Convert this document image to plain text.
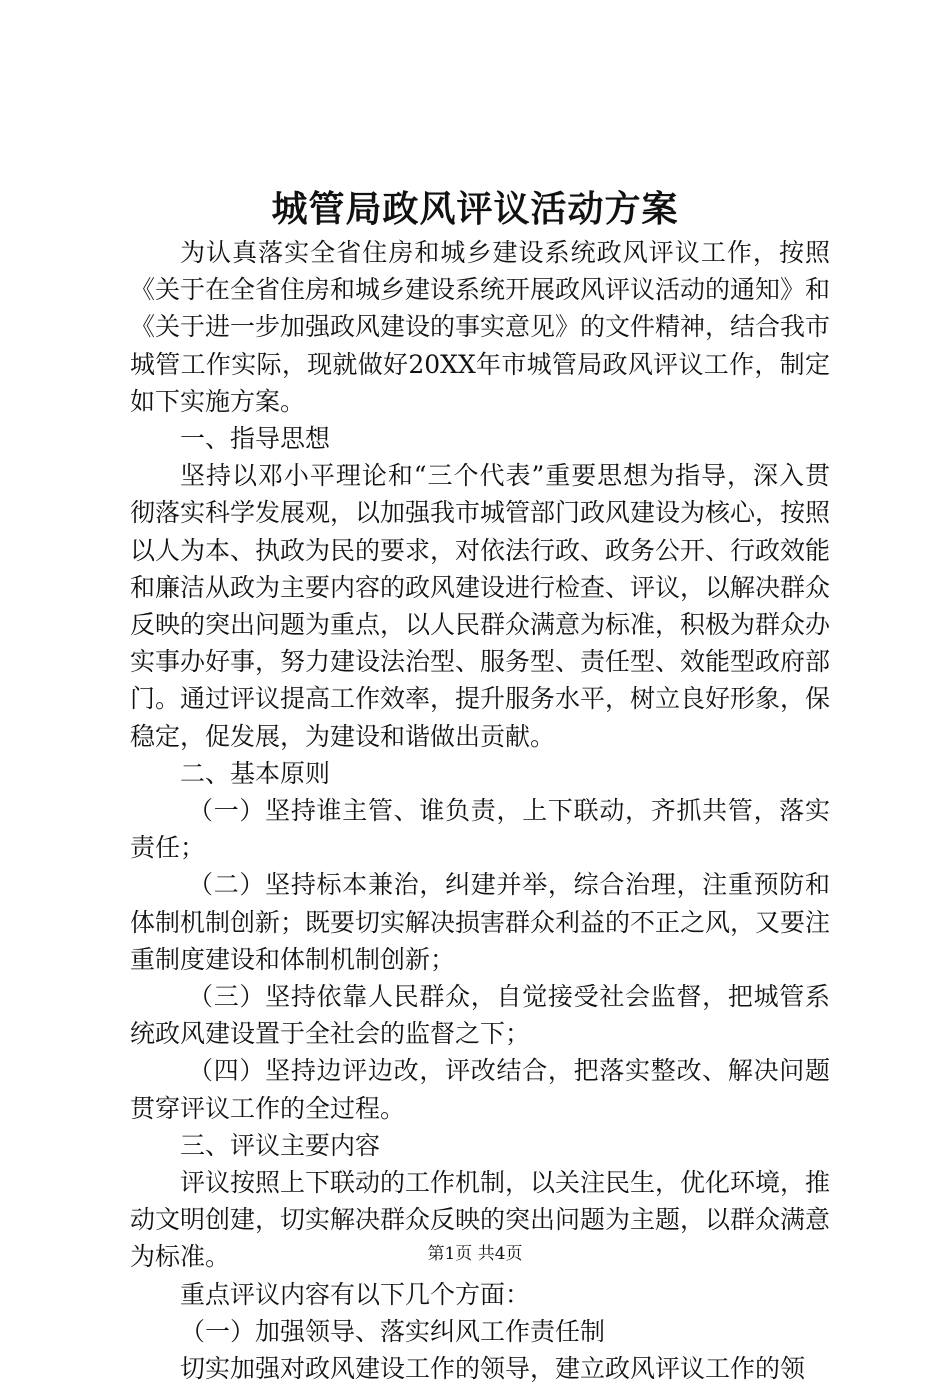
城管局政风评议活动方案

为认真落实全省住房和城乡建设系统政风评议工作，按照《关于在全省住房和城乡建设系统开展政风评议活动的通知》和《关于进一步加强政风建设的事实意见》的文件精神，结合我市城管工作实际，现就做好20XX年市城管局政风评议工作，制定如下实施方案。

一、指导思想

坚持以邓小平理论和“三个代表”重要思想为指导，深入贯彻落实科学发展观，以加强我市城管部门政风建设为核心，按照以人为本、执政为民的要求，对依法行政、政务公开、行政效能和廉洁从政为主要内容的政风建设进行检查、评议，以解决群众反映的突出问题为重点，以人民群众满意为标准，积极为群众办实事办好事，努力建设法治型、服务型、责任型、效能型政府部门。通过评议提高工作效率，提升服务水平，树立良好形象，保稳定，促发展，为建设和谐做出贡献。

二、基本原则

（一）坚持谁主管、谁负责，上下联动，齐抓共管，落实责任；

（二）坚持标本兼治，纠建并举，综合治理，注重预防和体制机制创新；既要切实解决损害群众利益的不正之风，又要注重制度建设和体制机制创新；

（三）坚持依靠人民群众，自觉接受社会监督，把城管系统政风建设置于全社会的监督之下；

（四）坚持边评边改，评改结合，把落实整改、解决问题贯穿评议工作的全过程。

三、评议主要内容

评议按照上下联动的工作机制，以关注民生，优化环境，推动文明创建，切实解决群众反映的突出问题为主题，以群众满意为标准。

重点评议内容有以下几个方面：

（一）加强领导、落实纠风工作责任制

切实加强对政风建设工作的领导，建立政风评议工作的领

第1页 共4页
